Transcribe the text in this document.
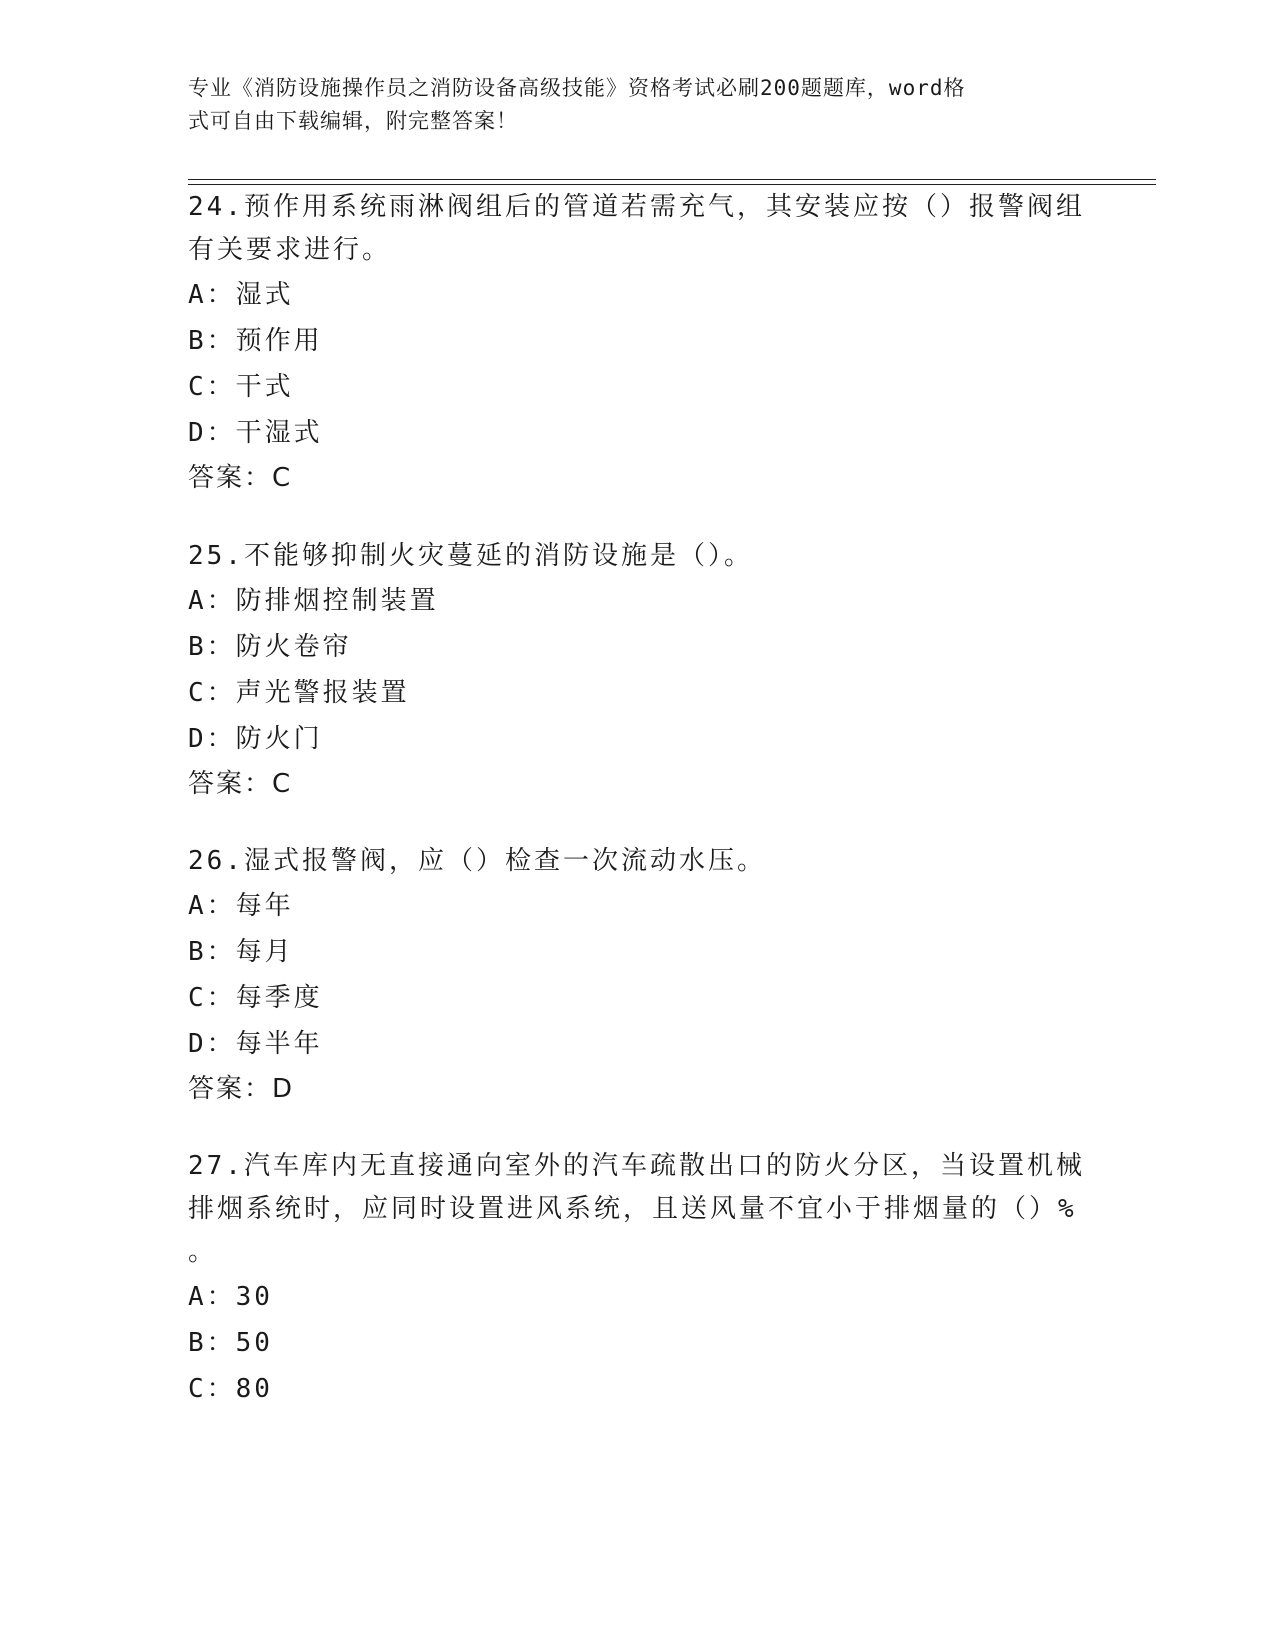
专业《消防设施操作员之消防设备高级技能》资格考试必刷200题题库，word格
式可自由下载编辑，附完整答案！
24.预作用系统雨淋阀组后的管道若需充气，其安装应按（）报警阀组
有关要求进行。
A：湿式
B：预作用
C：干式
D：干湿式
答案：C
25.不能够抑制火灾蔓延的消防设施是（）。
A：防排烟控制装置
B：防火卷帘
C：声光警报装置
D：防火门
答案：C
26.湿式报警阀，应（）检查一次流动水压。
A：每年
B：每月
C：每季度
D：每半年
答案：D
27.汽车库内无直接通向室外的汽车疏散出口的防火分区，当设置机械
排烟系统时，应同时设置进风系统，且送风量不宜小于排烟量的（）%
。
A：30
B：50
C：80
